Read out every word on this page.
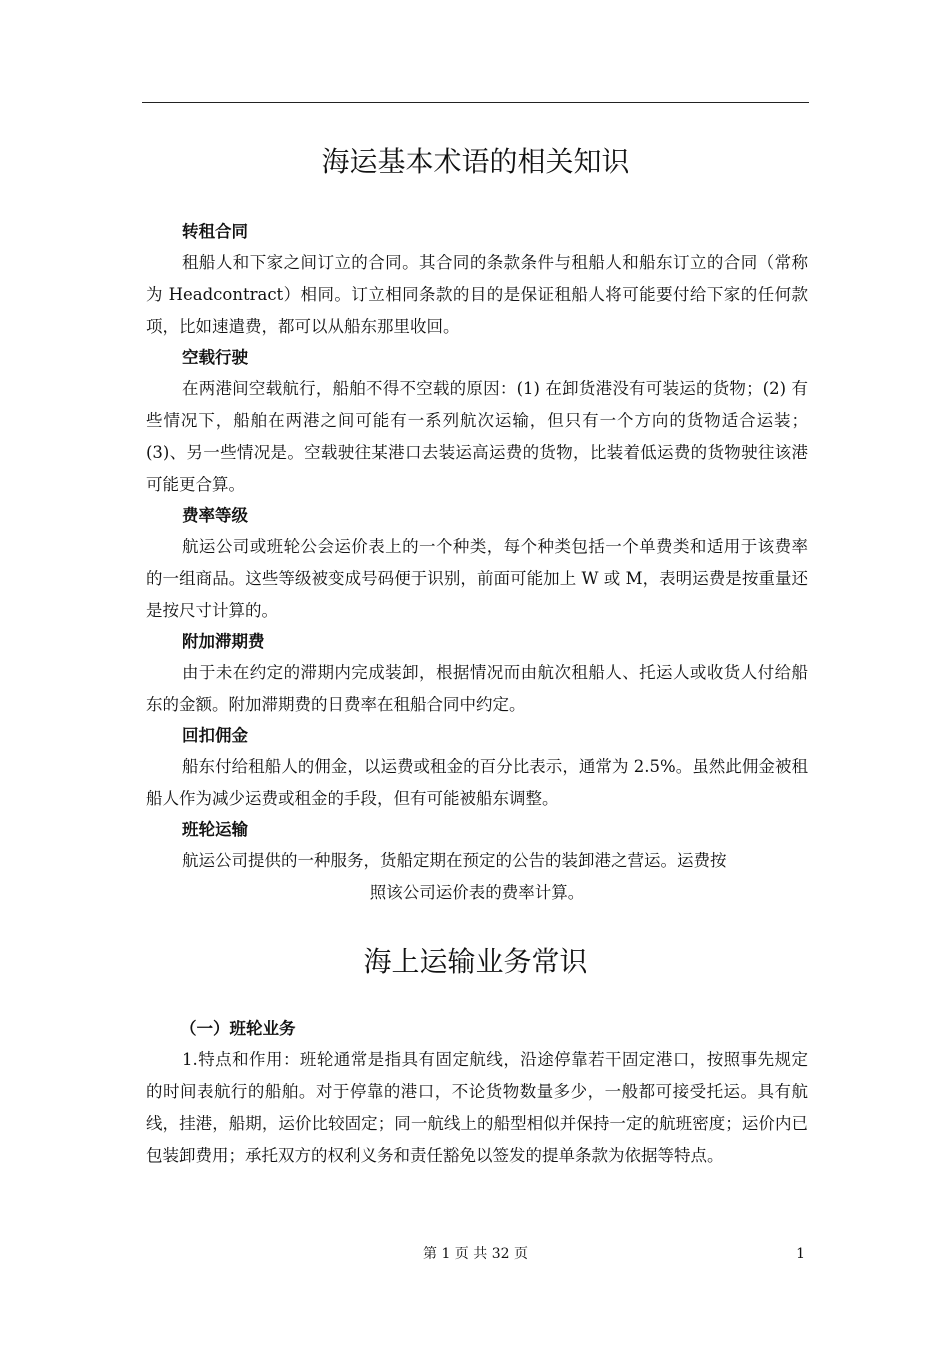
海运基本术语的相关知识
转租合同

租船人和下家之间订立的合同。其合同的条款条件与租船人和船东订立的合同（常称为 Headcontract）相同。订立相同条款的目的是保证租船人将可能要付给下家的任何款项，比如速遣费，都可以从船东那里收回。

空载行驶

在两港间空载航行，船舶不得不空载的原因：(1) 在卸货港没有可装运的货物；(2) 有些情况下，船舶在两港之间可能有一系列航次运输，但只有一个方向的货物适合运装；(3)、另一些情况是。空载驶往某港口去装运高运费的货物，比装着低运费的货物驶往该港可能更合算。

费率等级

航运公司或班轮公会运价表上的一个种类，每个种类包括一个单费类和适用于该费率的一组商品。这些等级被变成号码便于识别，前面可能加上 W 或 M，表明运费是按重量还是按尺寸计算的。

附加滞期费

由于未在约定的滞期内完成装卸，根据情况而由航次租船人、托运人或收货人付给船东的金额。附加滞期费的日费率在租船合同中约定。

回扣佣金

船东付给租船人的佣金，以运费或租金的百分比表示，通常为 2.5%。虽然此佣金被租船人作为减少运费或租金的手段，但有可能被船东调整。

班轮运输

航运公司提供的一种服务，货船定期在预定的公告的装卸港之营运。运费按

照该公司运价表的费率计算。

海上运输业务常识
（一）班轮业务

1.特点和作用：班轮通常是指具有固定航线，沿途停靠若干固定港口，按照事先规定的时间表航行的船舶。对于停靠的港口，不论货物数量多少，一般都可接受托运。具有航线，挂港，船期，运价比较固定；同一航线上的船型相似并保持一定的航班密度；运价内已包装卸费用；承托双方的权利义务和责任豁免以签发的提单条款为依据等特点。

第 1 页 共 32 页	1
